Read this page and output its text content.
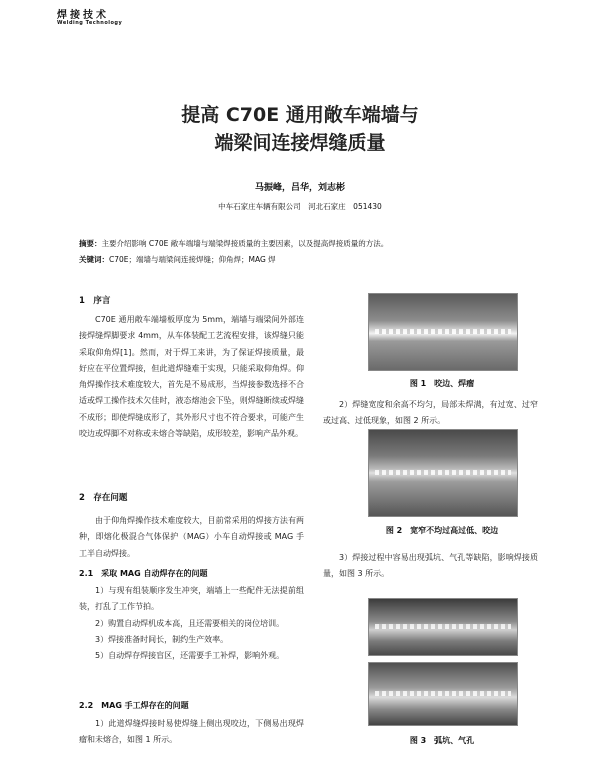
焊接技术
Welding Technology
提高 C70E 通用敞车端墙与
端梁间连接焊缝质量
马振峰，吕华，刘志彬
中车石家庄车辆有限公司　河北石家庄　051430
摘要：主要介绍影响 C70E 敞车端墙与端梁焊接质量的主要因素，以及提高焊接质量的方法。
关键词：C70E；端墙与端梁间连接焊缝；仰角焊；MAG 焊
1　序言
C70E 通用敞车端墙板厚度为 5mm，端墙与端梁间外部连接焊缝焊脚要求 4mm，从车体装配工艺流程安排，该焊缝只能采取仰角焊[1]。然而，对于焊工来讲，为了保证焊接质量，最好应在平位置焊接，但此道焊缝难于实现，只能采取仰角焊。仰角焊操作技术难度较大，首先是不易成形，当焊接参数选择不合适或焊工操作技术欠佳时，液态熔池会下坠，则焊缝断续或焊缝不成形；即使焊缝成形了，其外形尺寸也不符合要求，可能产生咬边或焊脚不对称或未熔合等缺陷，成形较差，影响产品外观。
2　存在问题
由于仰角焊操作技术难度较大，目前常采用的焊接方法有两种，即熔化极混合气体保护（MAG）小车自动焊接或 MAG 手工半自动焊接。
2.1　采取 MAG 自动焊存在的问题
1）与现有组装顺序发生冲突，端墙上一些配件无法提前组装，打乱了工作节拍。
2）购置自动焊机成本高，且还需要相关的岗位培训。
3）焊接准备时间长，制约生产效率。
5）自动焊存焊接盲区，还需要手工补焊，影响外观。
2.2　MAG 手工焊存在的问题
1）此道焊缝焊接时易使焊缝上侧出现咬边，下侧易出现焊瘤和未熔合，如图 1 所示。
图 1　咬边、焊瘤
2）焊缝宽度和余高不均匀，局部未焊满，有过宽、过窄或过高、过低现象，如图 2 所示。
图 2　宽窄不均过高过低、咬边
3）焊接过程中容易出现弧坑、气孔等缺陷，影响焊接质量，如图 3 所示。
图 3　弧坑、气孔
